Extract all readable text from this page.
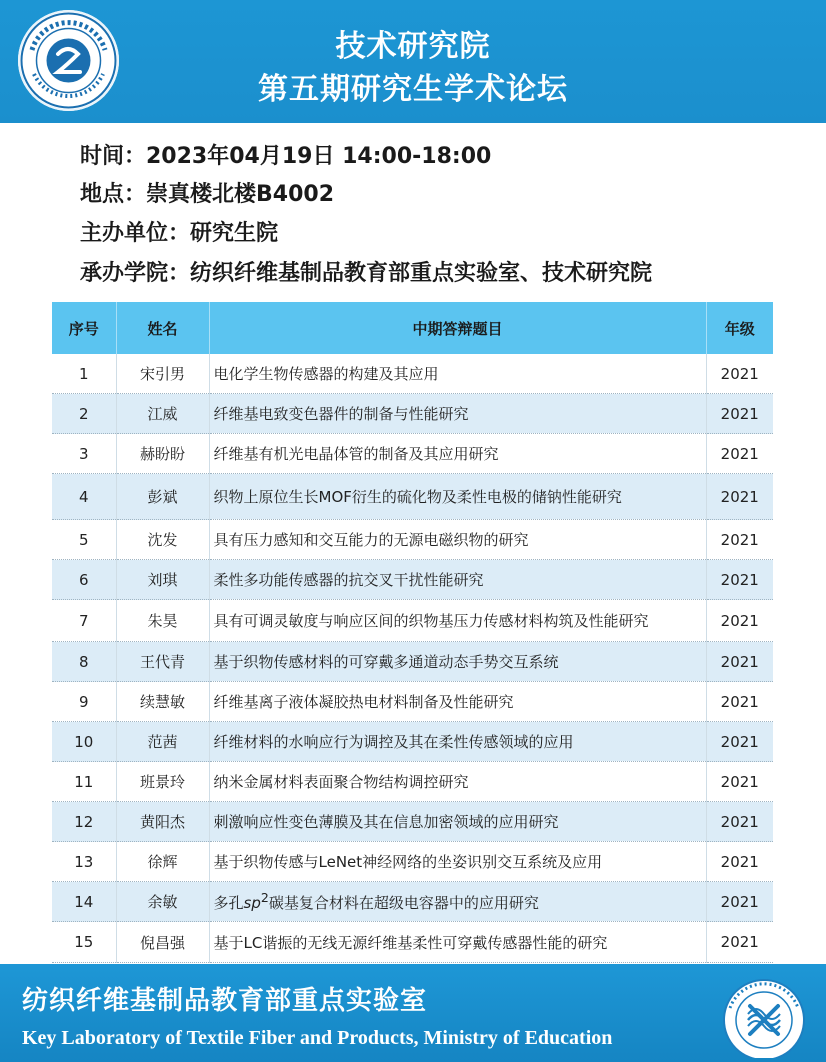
技术研究院
第五期研究生学术论坛
时间：2023年04月19日 14:00-18:00
地点：崇真楼北楼B4002
主办单位：研究生院
承办学院：纺织纤维基制品教育部重点实验室、技术研究院
序号	姓名	中期答辩题目	年级
1	宋引男	电化学生物传感器的构建及其应用	2021
2	江威	纤维基电致变色器件的制备与性能研究	2021
3	赫盼盼	纤维基有机光电晶体管的制备及其应用研究	2021
4	彭斌	织物上原位生长MOF衍生的硫化物及柔性电极的储钠性能研究	2021
5	沈发	具有压力感知和交互能力的无源电磁织物的研究	2021
6	刘琪	柔性多功能传感器的抗交叉干扰性能研究	2021
7	朱昊	具有可调灵敏度与响应区间的织物基压力传感材料构筑及性能研究	2021
8	王代青	基于织物传感材料的可穿戴多通道动态手势交互系统	2021
9	续慧敏	纤维基离子液体凝胶热电材料制备及性能研究	2021
10	范茜	纤维材料的水响应行为调控及其在柔性传感领域的应用	2021
11	班景玲	纳米金属材料表面聚合物结构调控研究	2021
12	黄阳杰	刺激响应性变色薄膜及其在信息加密领域的应用研究	2021
13	徐辉	基于织物传感与LeNet神经网络的坐姿识别交互系统及应用	2021
14	余敏	多孔$sp^2$碳基复合材料在超级电容器中的应用研究	2021
15	倪昌强	基于LC谐振的无线无源纤维基柔性可穿戴传感器性能的研究	2021
纺织纤维基制品教育部重点实验室
Key Laboratory of Textile Fiber and Products, Ministry of Education
